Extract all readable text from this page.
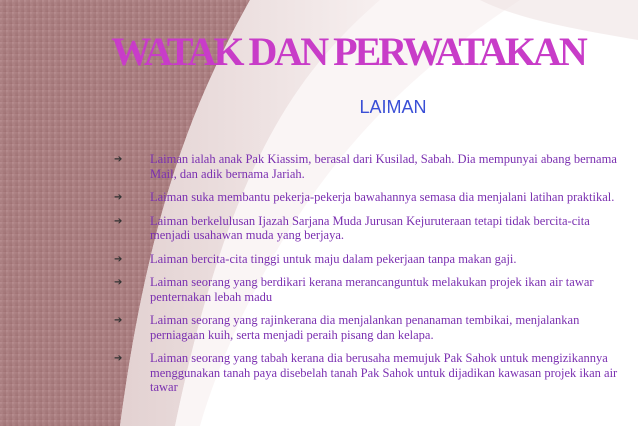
WATAK DAN PERWATAKAN
LAIMAN
➔ Laiman ialah anak Pak Kiassim, berasal dari Kusilad, Sabah. Dia mempunyai abang bernama Mail, dan adik bernama Jariah.
➔ Laiman suka membantu pekerja-pekerja bawahannya semasa dia menjalani latihan praktikal.
➔ Laiman berkelulusan Ijazah Sarjana Muda Jurusan Kejuruteraan tetapi tidak bercita-cita menjadi usahawan muda yang berjaya.
➔ Laiman bercita-cita tinggi untuk maju dalam pekerjaan tanpa makan gaji.
➔ Laiman seorang yang berdikari kerana merancanguntuk melakukan projek ikan air tawar penternakan lebah madu
➔ Laiman seorang yang rajinkerana dia menjalankan penanaman tembikai, menjalankan perniagaan kuih, serta menjadi peraih pisang dan kelapa.
➔ Laiman seorang yang tabah kerana dia berusaha memujuk Pak Sahok untuk mengizikannya menggunakan tanah paya disebelah tanah Pak Sahok untuk dijadikan kawasan projek ikan air tawar
